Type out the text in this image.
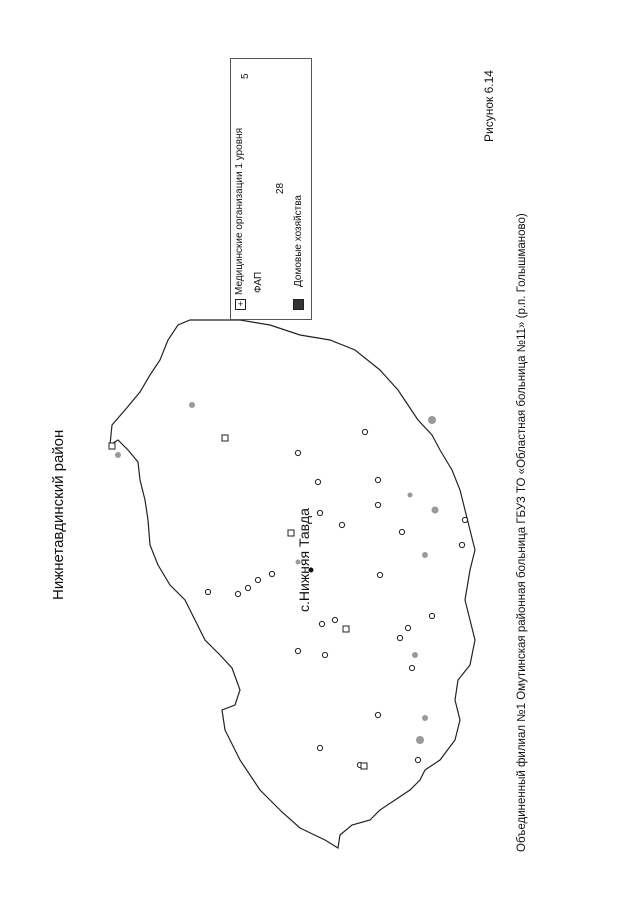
Нижнетавдинский район	с.Нижняя Тавда
+
Медицинские организации 1 уровня
5
ФАП
28
Домовые хозяйства
Рисунок 6.14
Объединенный филиал №1 Омутинская районная больница ГБУЗ ТО «Областная больница №11» (р.п. Голышманово)
